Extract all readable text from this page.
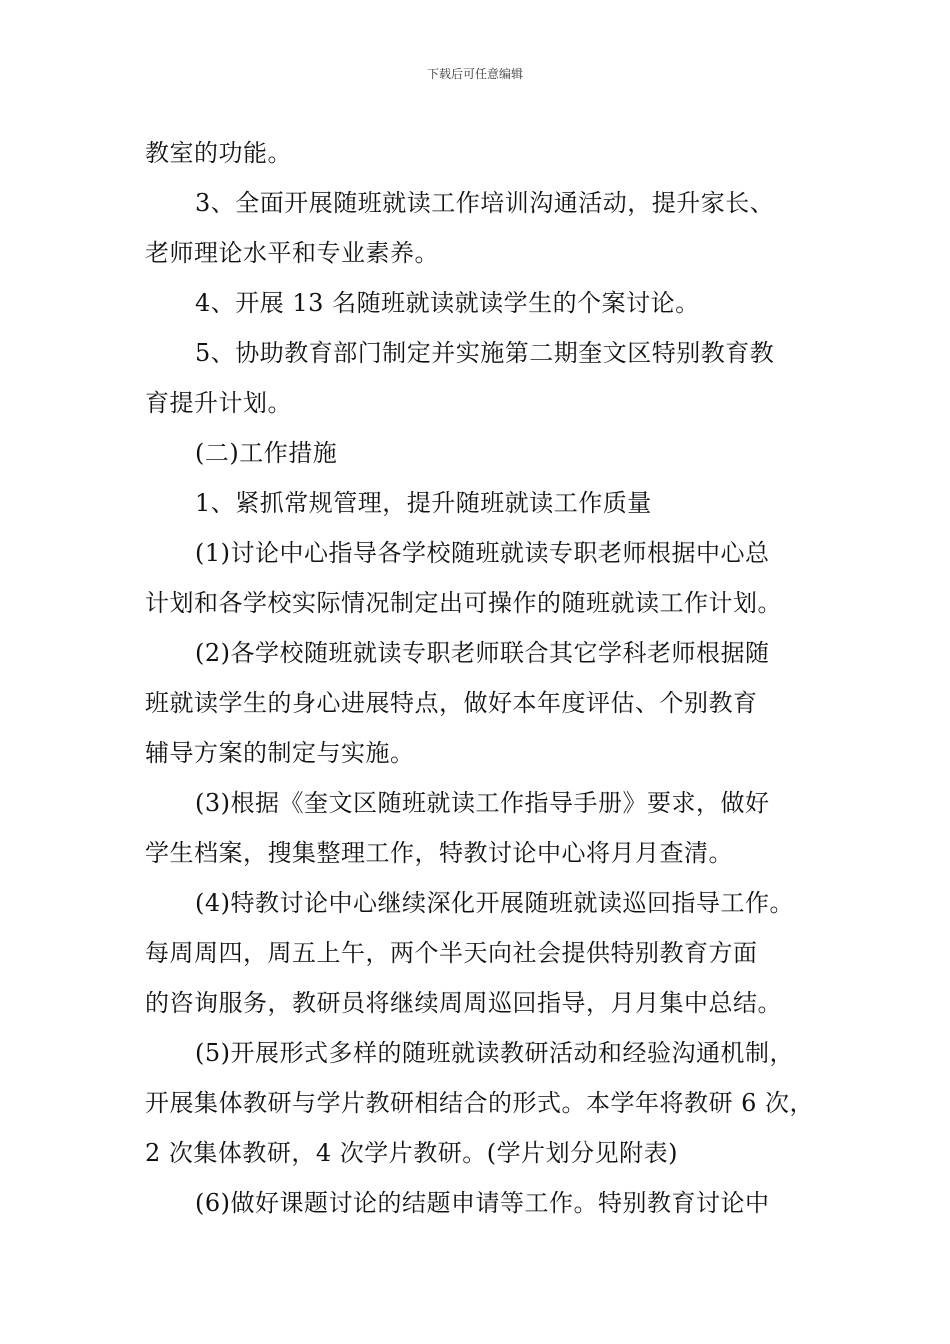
下载后可任意编辑
教室的功能。
3、全面开展随班就读工作培训沟通活动，提升家长、
老师理论水平和专业素养。
4、开展 13 名随班就读就读学生的个案讨论。
5、协助教育部门制定并实施第二期奎文区特别教育教
育提升计划。
(二)工作措施
1、紧抓常规管理，提升随班就读工作质量
(1)讨论中心指导各学校随班就读专职老师根据中心总
计划和各学校实际情况制定出可操作的随班就读工作计划。
(2)各学校随班就读专职老师联合其它学科老师根据随
班就读学生的身心进展特点，做好本年度评估、个别教育
辅导方案的制定与实施。
(3)根据《奎文区随班就读工作指导手册》要求，做好
学生档案，搜集整理工作，特教讨论中心将月月查清。
(4)特教讨论中心继续深化开展随班就读巡回指导工作。
每周周四，周五上午，两个半天向社会提供特别教育方面
的咨询服务，教研员将继续周周巡回指导，月月集中总结。
(5)开展形式多样的随班就读教研活动和经验沟通机制，
开展集体教研与学片教研相结合的形式。本学年将教研 6 次，
2 次集体教研，4 次学片教研。(学片划分见附表)
(6)做好课题讨论的结题申请等工作。特别教育讨论中
